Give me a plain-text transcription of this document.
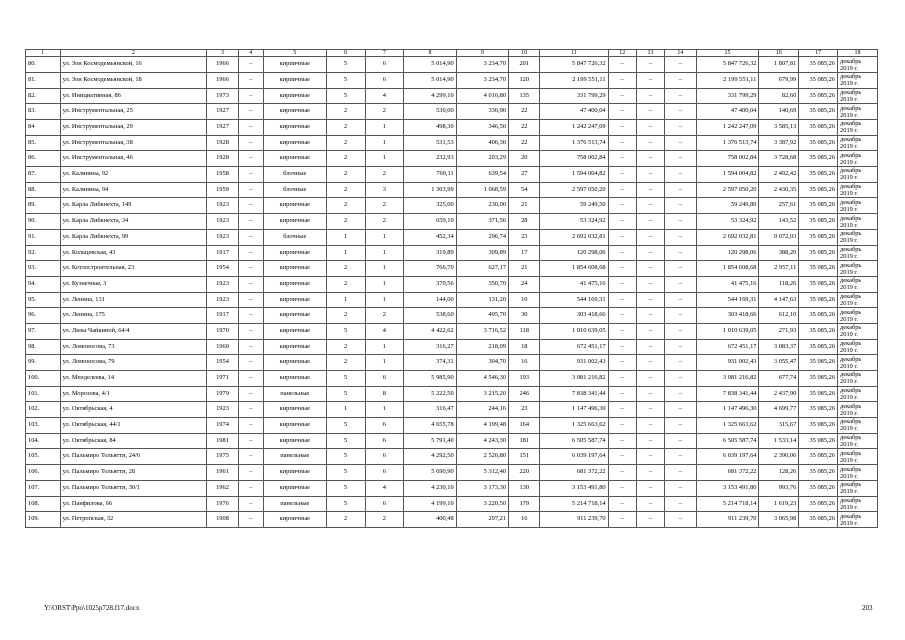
1	2	3	4	5	6	7	8	9	10	11	12	13	14	15	16	17	18
80.	ул. Зои Космодемьянской, 16	1966	–	кирпичные	5	6	5 014,90	3 234,70	201	5 847 726,32	–	–	–	5 847 726,32	1 807,81	35 085,26	декабрь 2019 г.
81.	ул. Зои Космодемьянской, 18	1966	–	кирпичные	5	6	5 014,90	3 234,70	120	2 199 551,11	–	–	–	2 199 551,11	679,99	35 085,26	декабрь 2019 г.
82.	ул. Инициативная, 86	1973	–	кирпичные	5	4	4 299,10	4 016,80	135	331 799,29	–	–	–	331 799,29	82,60	35 085,26	декабрь 2019 г.
83.	ул. Инструментальная, 25	1927	–	кирпичные	2	2	530,00	336,90	22	47 400,04	–	–	–	47 400,04	140,69	35 085,26	декабрь 2019 г.
84	ул. Инструментальная, 29	1927	–	кирпичные	2	1	498,30	346,50	22	1 242 247,09	–	–	–	1 242 247,09	3 585,13	35 085,26	декабрь 2019 г.
85.	ул. Инструментальная, 38	1928	–	кирпичные	2	1	531,53	406,30	22	1 376 513,74	–	–	–	1 376 513,74	3 387,92	35 085,26	декабрь 2019 г.
86.	ул. Инструментальная, 46	1928	–	кирпичные	2	1	232,93	203,29	20	758 002,84	–	–	–	758 002,84	3 728,68	35 085,26	декабрь 2019 г.
87.	ул. Калинина, 92	1958	–	блочные	2	2	760,11	639,54	27	1 594 004,82	–	–	–	1 594 004,82	2 492,42	35 085,26	декабрь 2019 г.
88.	ул. Калинина, 94	1959	–	блочные	2	3	1 303,99	1 068,59	54	2 597 050,20	–	–	–	2 597 050,20	2 430,35	35 085,26	декабрь 2019 г.
89.	ул. Карла Либкнехта, 149	1923	–	кирпичные	2	2	325,00	230,00	21	59 249,50	–	–	–	59 249,80	257,61	35 085,26	декабрь 2019 г.
90.	ул. Карла Либкнехта, 34	1923	–	кирпичные	2	2	659,10	371,56	28	53 324,92	–	–	–	53 324,92	143,52	35 085,26	декабрь 2019 г.
91.	ул. Карла Либкнехта, 99	1923	–	блочные	1	1	452,34	296,74	23	2 692 032,81	–	–	–	2 692 032,81	9 072,03	35 085,26	декабрь 2019 г.
92.	ул. Кольцевская, 43	1917	–	кирпичные	1	1	319,89	309,89	17	120 298,06	–	–	–	120 298,06	388,20	35 085,26	декабрь 2019 г.
93.	ул. Котлостроительная, 23	1954	–	кирпичные	2	1	766,70	627,17	21	1 854 608,68	–	–	–	1 854 608,68	2 957,11	35 085,26	декабрь 2019 г.
94.	ул. Кузнечная, 3	1923	–	кирпичные	2	1	370,56	350,70	24	41 475,16	–	–	–	41 475,16	118,26	35 085,26	декабрь 2019 г.
95.	ул. Ленина, 131	1923	–	кирпичные	1	1	144,00	131,20	10	544 169,31	–	–	–	544 169,31	4 147,63	35 085,26	декабрь 2019 г.
96.	ул. Ленина, 175	1917	–	кирпичные	2	2	538,60	495,70	30	303 418,66	–	–	–	303 418,66	612,10	35 085,26	декабрь 2019 г.
97.	ул. Лизы Чайкиной, 64/4	1970	–	кирпичные	5	4	4 422,62	3 716,52	118	1 010 639,05	–	–	–	1 010 639,05	271,93	35 085,26	декабрь 2019 г.
98.	ул. Ломоносова, 73	1960	–	кирпичные	2	1	316,27	218,09	18	672 451,17	–	–	–	672 451,17	3 083,37	35 085,26	декабрь 2019 г.
99.	ул. Ломоносова, 79	1954	–	кирпичные	2	1	374,31	304,70	16	931 002,43	–	–	–	931 002,43	3 055,47	35 085,26	декабрь 2019 г.
100.	ул. Менделеева, 14	1971	–	кирпичные	5	6	5 985,90	4 546,30	193	3 081 216,82	–	–	–	3 081 216,82	677,74	35 085,26	декабрь 2019 г.
101.	ул. Морозова, 4/1	1979	–	панельные	5	8	5 222,50	3 215,20	246	7 838 341,44	–	–	–	7 838 341,44	2 437,90	35 085,26	декабрь 2019 г.
102.	ул. Октябрьская, 4	1923	–	кирпичные	1	1	316,47	244,16	23	1 147 496,30	–	–	–	1 147 496,30	4 699,77	35 085,26	декабрь 2019 г.
103.	ул. Октябрьская, 44/1	1974	–	кирпичные	5	6	4 655,78	4 199,48	164	1 325 663,62	–	–	–	1 325 663,62	315,67	35 085,26	декабрь 2019 г.
104.	ул. Октябрьская, 84	1981	–	кирпичные	5	6	5 791,40	4 243,30	181	6 505 587,74	–	–	–	6 505 587,74	1 533,14	35 085,26	декабрь 2019 г.
105.	ул. Пальмиро Тольятти, 24/6	1975	–	панельные	5	6	4 292,50	2 526,80	151	6 039 197,64	–	–	–	6 039 197,64	2 390,06	35 085,26	декабрь 2019 г.
106.	ул. Пальмиро Тольятти, 28	1961	–	кирпичные	5	6	5 690,90	5 312,40	220	681 372,22	–	–	–	681 372,22	128,26	35 085,26	декабрь 2019 г.
107.	ул. Пальмиро Тольятти, 30/1	1962	–	кирпичные	5	4	4 230,10	3 173,30	130	3 153 491,80	–	–	–	3 153 491,80	993,76	35 085,26	декабрь 2019 г.
108.	ул. Панфилова, 66	1976	–	панельные	5	6	4 199,10	3 220,50	179	5 214 718,14	–	–	–	5 214 718,14	1 619,23	35 085,26	декабрь 2019 г.
109.	ул. Петропская, 32	1908	–	кирпичные	2	2	400,48	297,21	16	911 239,70	–	–	–	911 239,70	3 065,98	35 085,26	декабрь 2019 г.
Y:\ORST\Ppo\1025p728.f17.docx	203
